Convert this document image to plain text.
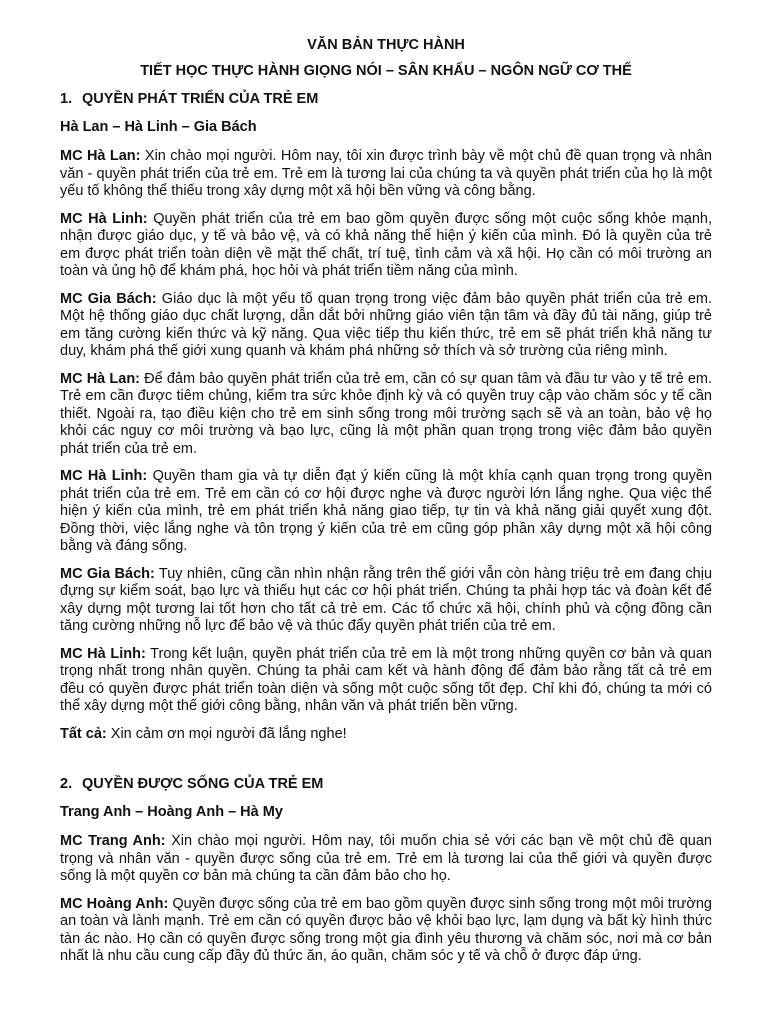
VĂN BẢN THỰC HÀNH
TIẾT HỌC THỰC HÀNH GIỌNG NÓI – SÂN KHẤU – NGÔN NGỮ CƠ THỂ
1. QUYỀN PHÁT TRIỂN CỦA TRẺ EM
Hà Lan – Hà Linh – Gia Bách

MC Hà Lan: Xin chào mọi người. Hôm nay, tôi xin được trình bày về một chủ đề quan trọng và nhân văn - quyền phát triển của trẻ em. Trẻ em là tương lai của chúng ta và quyền phát triển của họ là một yếu tố không thể thiếu trong xây dựng một xã hội bền vững và công bằng.

MC Hà Linh: Quyền phát triển của trẻ em bao gồm quyền được sống một cuộc sống khỏe mạnh, nhận được giáo dục, y tế và bảo vệ, và có khả năng thể hiện ý kiến của mình. Đó là quyền của trẻ em được phát triển toàn diện về mặt thể chất, trí tuệ, tình cảm và xã hội. Họ cần có môi trường an toàn và ủng hộ để khám phá, học hỏi và phát triển tiềm năng của mình.

MC Gia Bách: Giáo dục là một yếu tố quan trọng trong việc đảm bảo quyền phát triển của trẻ em. Một hệ thống giáo dục chất lượng, dẫn dắt bởi những giáo viên tận tâm và đầy đủ tài năng, giúp trẻ em tăng cường kiến thức và kỹ năng. Qua việc tiếp thu kiến thức, trẻ em sẽ phát triển khả năng tư duy, khám phá thế giới xung quanh và khám phá những sở thích và sở trường của riêng mình.

MC Hà Lan: Để đảm bảo quyền phát triển của trẻ em, cần có sự quan tâm và đầu tư vào y tế trẻ em. Trẻ em cần được tiêm chủng, kiểm tra sức khỏe định kỳ và có quyền truy cập vào chăm sóc y tế cần thiết. Ngoài ra, tạo điều kiện cho trẻ em sinh sống trong môi trường sạch sẽ và an toàn, bảo vệ họ khỏi các nguy cơ môi trường và bạo lực, cũng là một phần quan trọng trong việc đảm bảo quyền phát triển của trẻ em.

MC Hà Linh: Quyền tham gia và tự diễn đạt ý kiến cũng là một khía cạnh quan trọng trong quyền phát triển của trẻ em. Trẻ em cần có cơ hội được nghe và được người lớn lắng nghe. Qua việc thể hiện ý kiến của mình, trẻ em phát triển khả năng giao tiếp, tự tin và khả năng giải quyết xung đột. Đồng thời, việc lắng nghe và tôn trọng ý kiến của trẻ em cũng góp phần xây dựng một xã hội công bằng và đáng sống.

MC Gia Bách: Tuy nhiên, cũng cần nhìn nhận rằng trên thế giới vẫn còn hàng triệu trẻ em đang chịu đựng sự kiểm soát, bạo lực và thiếu hụt các cơ hội phát triển. Chúng ta phải hợp tác và đoàn kết để xây dựng một tương lai tốt hơn cho tất cả trẻ em. Các tổ chức xã hội, chính phủ và cộng đồng cần tăng cường những nỗ lực để bảo vệ và thúc đẩy quyền phát triển của trẻ em.

MC Hà Linh: Trong kết luận, quyền phát triển của trẻ em là một trong những quyền cơ bản và quan trọng nhất trong nhân quyền. Chúng ta phải cam kết và hành động để đảm bảo rằng tất cả trẻ em đều có quyền được phát triển toàn diện và sống một cuộc sống tốt đẹp. Chỉ khi đó, chúng ta mới có thể xây dựng một thế giới công bằng, nhân văn và phát triển bền vững.

Tất cả: Xin cảm ơn mọi người đã lắng nghe!

2. QUYỀN ĐƯỢC SỐNG CỦA TRẺ EM
Trang Anh – Hoàng Anh – Hà My

MC Trang Anh: Xin chào mọi người. Hôm nay, tôi muốn chia sẻ với các bạn về một chủ đề quan trọng và nhân văn - quyền được sống của trẻ em. Trẻ em là tương lai của thế giới và quyền được sống là một quyền cơ bản mà chúng ta cần đảm bảo cho họ.

MC Hoàng Anh: Quyền được sống của trẻ em bao gồm quyền được sinh sống trong một môi trường an toàn và lành mạnh. Trẻ em cần có quyền được bảo vệ khỏi bạo lực, lạm dụng và bất kỳ hình thức tàn ác nào. Họ cần có quyền được sống trong một gia đình yêu thương và chăm sóc, nơi mà cơ bản nhất là nhu cầu cung cấp đầy đủ thức ăn, áo quần, chăm sóc y tế và chỗ ở được đáp ứng.
